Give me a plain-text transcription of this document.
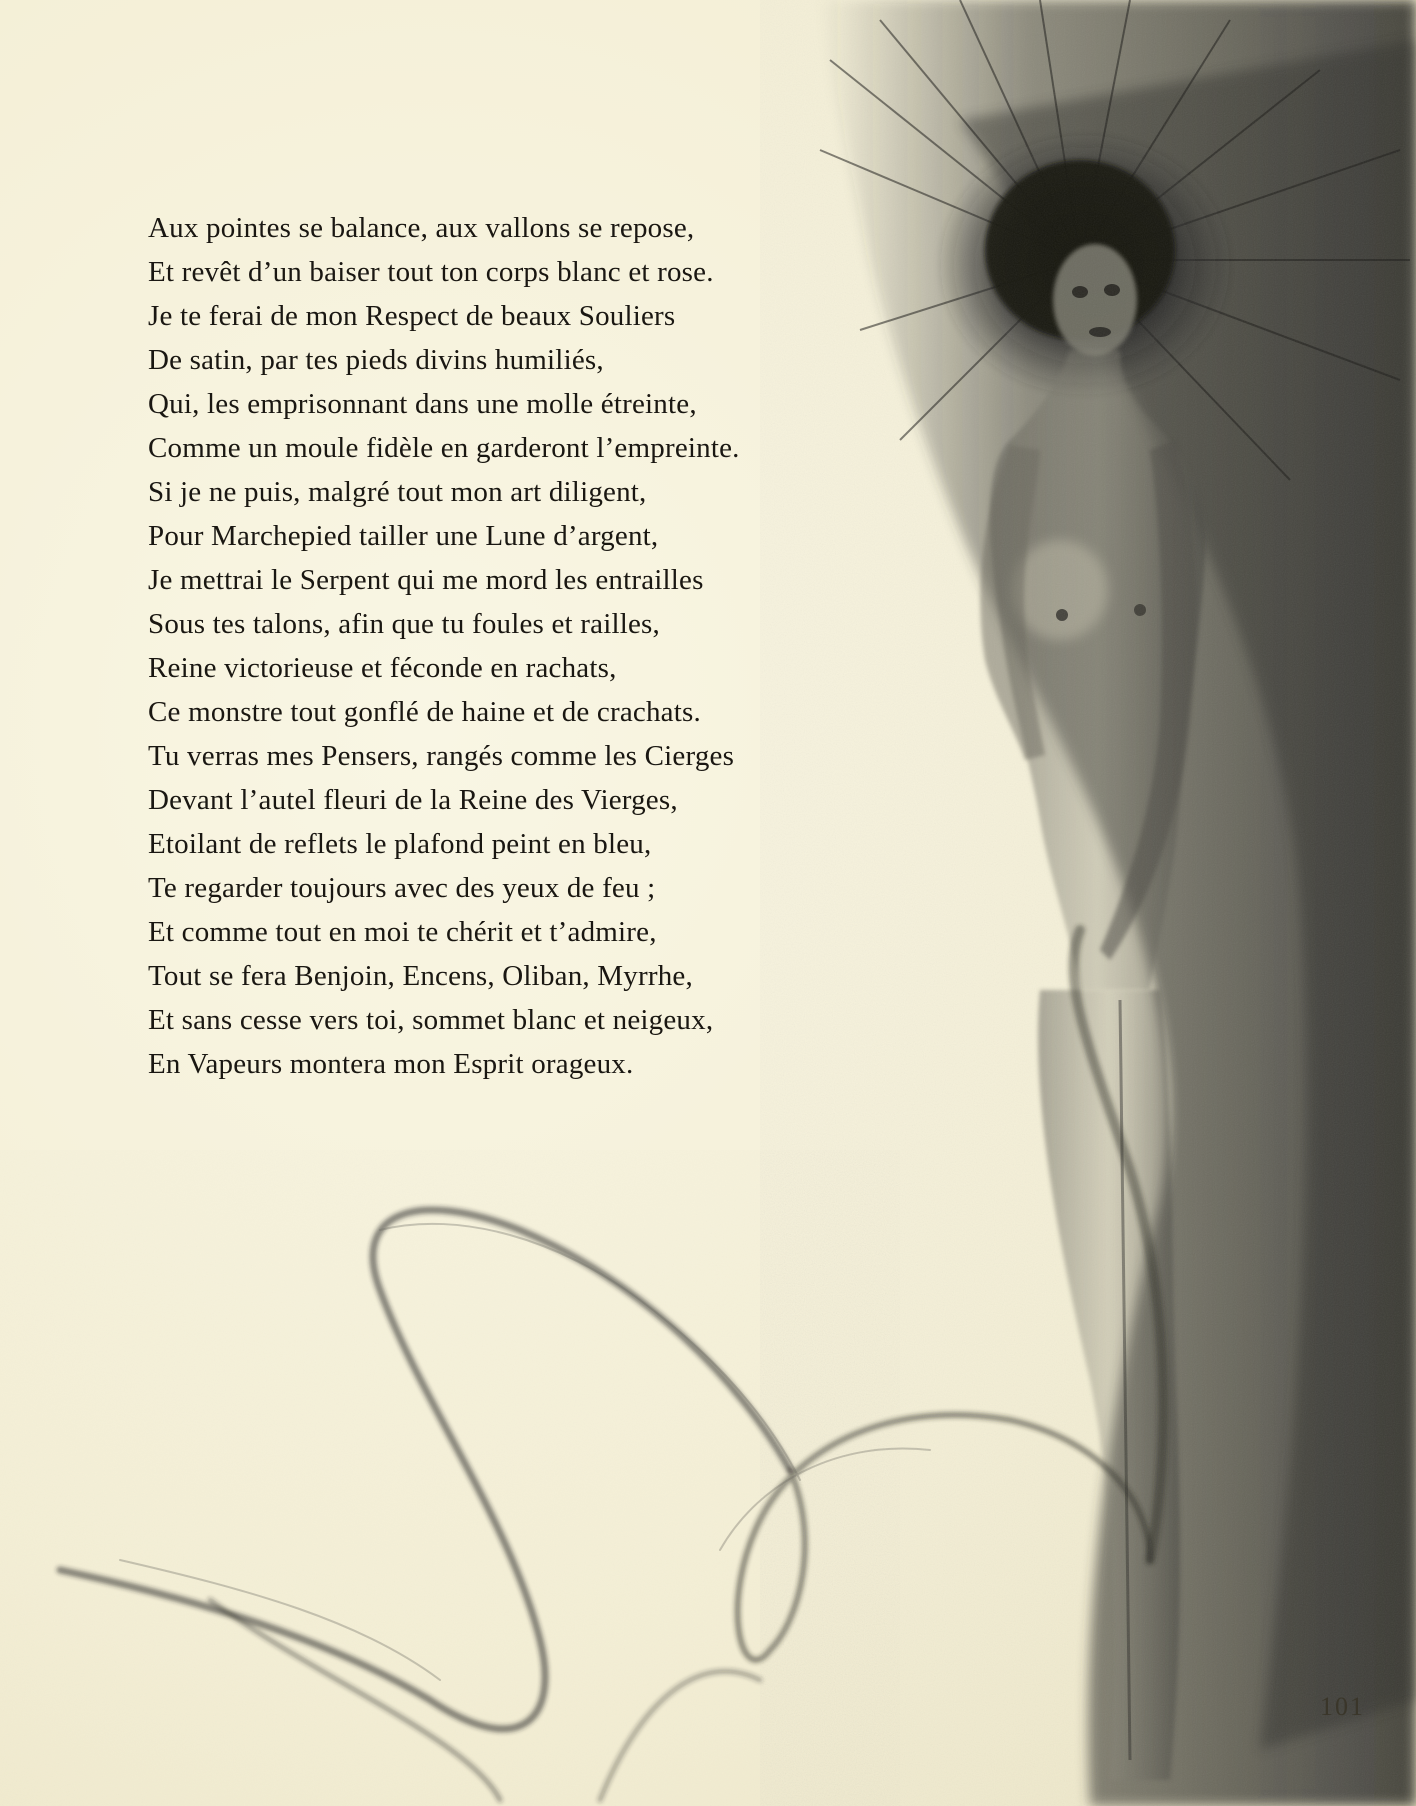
Aux pointes se balance, aux vallons se repose,
Et revêt d’un baiser tout ton corps blanc et rose.
Je te ferai de mon Respect de beaux Souliers
De satin, par tes pieds divins humiliés,
Qui, les emprisonnant dans une molle étreinte,
Comme un moule fidèle en garderont l’empreinte.
Si je ne puis, malgré tout mon art diligent,
Pour Marchepied tailler une Lune d’argent,
Je mettrai le Serpent qui me mord les entrailles
Sous tes talons, afin que tu foules et railles,
Reine victorieuse et féconde en rachats,
Ce monstre tout gonflé de haine et de crachats.
Tu verras mes Pensers, rangés comme les Cierges
Devant l’autel fleuri de la Reine des Vierges,
Etoilant de reflets le plafond peint en bleu,
Te regarder toujours avec des yeux de feu ;
Et comme tout en moi te chérit et t’admire,
Tout se fera Benjoin, Encens, Oliban, Myrrhe,
Et sans cesse vers toi, sommet blanc et neigeux,
En Vapeurs montera mon Esprit orageux.
101
